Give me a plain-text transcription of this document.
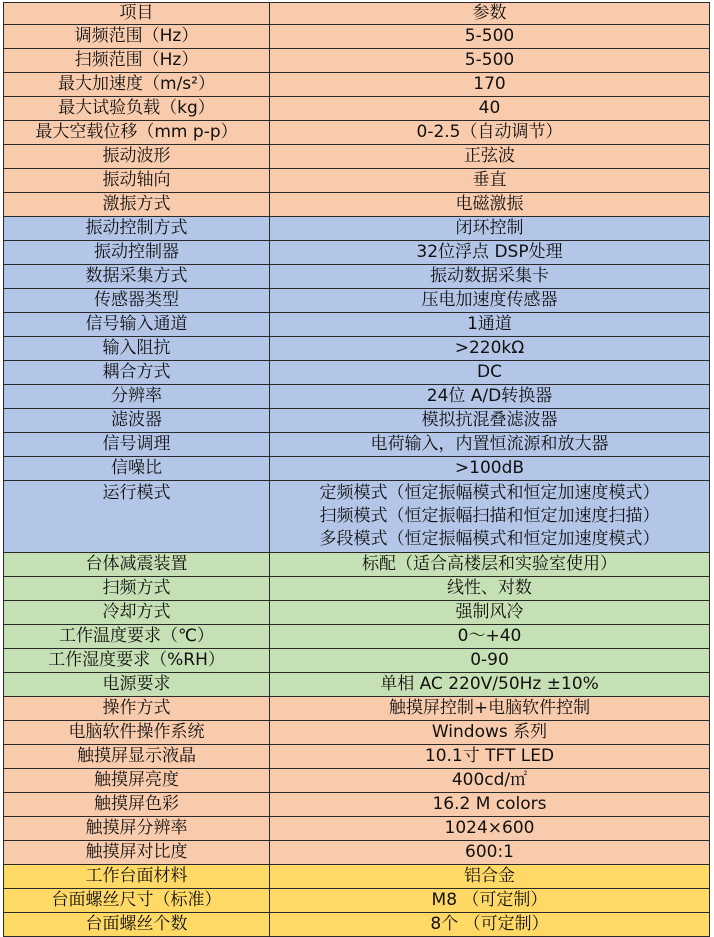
项目	参数
调频范围（Hz）	5-500
扫频范围（Hz）	5-500
最大加速度（m/s²）	170
最大试验负载（kg）	40
最大空载位移（mm p-p）	0-2.5（自动调节）
振动波形	正弦波
振动轴向	垂直
激振方式	电磁激振
振动控制方式	闭环控制
振动控制器	32位浮点 DSP处理
数据采集方式	振动数据采集卡
传感器类型	压电加速度传感器
信号输入通道	1通道
输入阻抗	>220kΩ
耦合方式	DC
分辨率	24位 A/D转换器
滤波器	模拟抗混叠滤波器
信号调理	电荷输入，内置恒流源和放大器
信噪比	>100dB
运行模式	定频模式（恒定振幅模式和恒定加速度模式）
扫频模式（恒定振幅扫描和恒定加速度扫描）
多段模式（恒定振幅模式和恒定加速度模式）

台体减震装置	标配（适合高楼层和实验室使用）
扫频方式	线性、对数
冷却方式	强制风冷
工作温度要求（℃）	0～+40
工作湿度要求（%RH）	0-90
电源要求	单相 AC 220V/50Hz ±10%
操作方式	触摸屏控制+电脑软件控制
电脑软件操作系统	Windows 系列
触摸屏显示液晶	10.1寸 TFT LED
触摸屏亮度	400cd/㎡
触摸屏色彩	16.2 M colors
触摸屏分辨率	1024×600
触摸屏对比度	600:1
工作台面材料	铝合金
台面螺丝尺寸（标准）	M8 （可定制）
台面螺丝个数	8个 （可定制）
